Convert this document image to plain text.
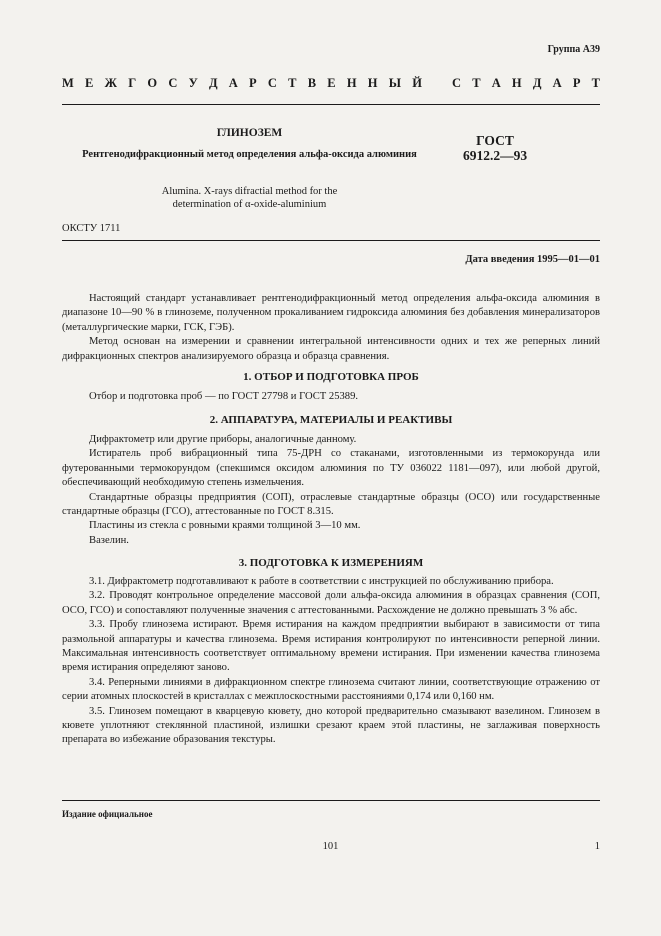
Группа А39
М Е Ж Г О С У Д А Р С Т В Е Н Н Ы Й С Т А Н Д А Р Т
ГЛИНОЗЕМ
Рентгенодифракционный метод определения альфа-оксида алюминия
Alumina. X-rays difractial method for the
determination of α-oxide-aluminium
ГОСТ
6912.2—93
ОКСТУ 1711
Дата введения 1995—01—01

Настоящий стандарт устанавливает рентгенодифракционный метод определения альфа-оксида алюминия в диапазоне 10—90 % в глиноземе, полученном прокаливанием гидроксида алюминия без добавления минерализаторов (металлургические марки, ГСК, ГЭБ).

Метод основан на измерении и сравнении интегральной интенсивности одних и тех же реперных линий дифракционных спектров анализируемого образца и образца сравнения.

1. ОТБОР И ПОДГОТОВКА ПРОБ

Отбор и подготовка проб — по ГОСТ 27798 и ГОСТ 25389.

2. АППАРАТУРА, МАТЕРИАЛЫ И РЕАКТИВЫ

Дифрактометр или другие приборы, аналогичные данному.

Истиратель проб вибрационный типа 75-ДРН со стаканами, изготовленными из термокорунда или футерованными термокорундом (спекшимся оксидом алюминия по ТУ 036022 1181—097), или любой другой, обеспечивающий необходимую степень измельчения.

Стандартные образцы предприятия (СОП), отраслевые стандартные образцы (ОСО) или государственные стандартные образцы (ГСО), аттестованные по ГОСТ 8.315.

Пластины из стекла с ровными краями толщиной 3—10 мм.

Вазелин.

3. ПОДГОТОВКА К ИЗМЕРЕНИЯМ

3.1. Дифрактометр подготавливают к работе в соответствии с инструкцией по обслуживанию прибора.

3.2. Проводят контрольное определение массовой доли альфа-оксида алюминия в образцах сравнения (СОП, ОСО, ГСО) и сопоставляют полученные значения с аттестованными. Расхождение не должно превышать 3 % абс.

3.3. Пробу глинозема истирают. Время истирания на каждом предприятии выбирают в зависимости от типа размольной аппаратуры и качества глинозема. Время истирания контролируют по интенсивности реперной линии. Максимальная интенсивность соответствует оптимальному времени истирания. При изменении качества глинозема время истирания определяют заново.

3.4. Реперными линиями в дифракционном спектре глинозема считают линии, соответствующие отражению от серии атомных плоскостей в кристаллах с межплоскостными расстояниями 0,174 или 0,160 нм.

3.5. Глинозем помещают в кварцевую кювету, дно которой предварительно смазывают вазелином. Глинозем в кювете уплотняют стеклянной пластиной, излишки срезают краем этой пластины, не заглаживая поверхность препарата во избежание образования текстуры.

Издание официальное
101	1
